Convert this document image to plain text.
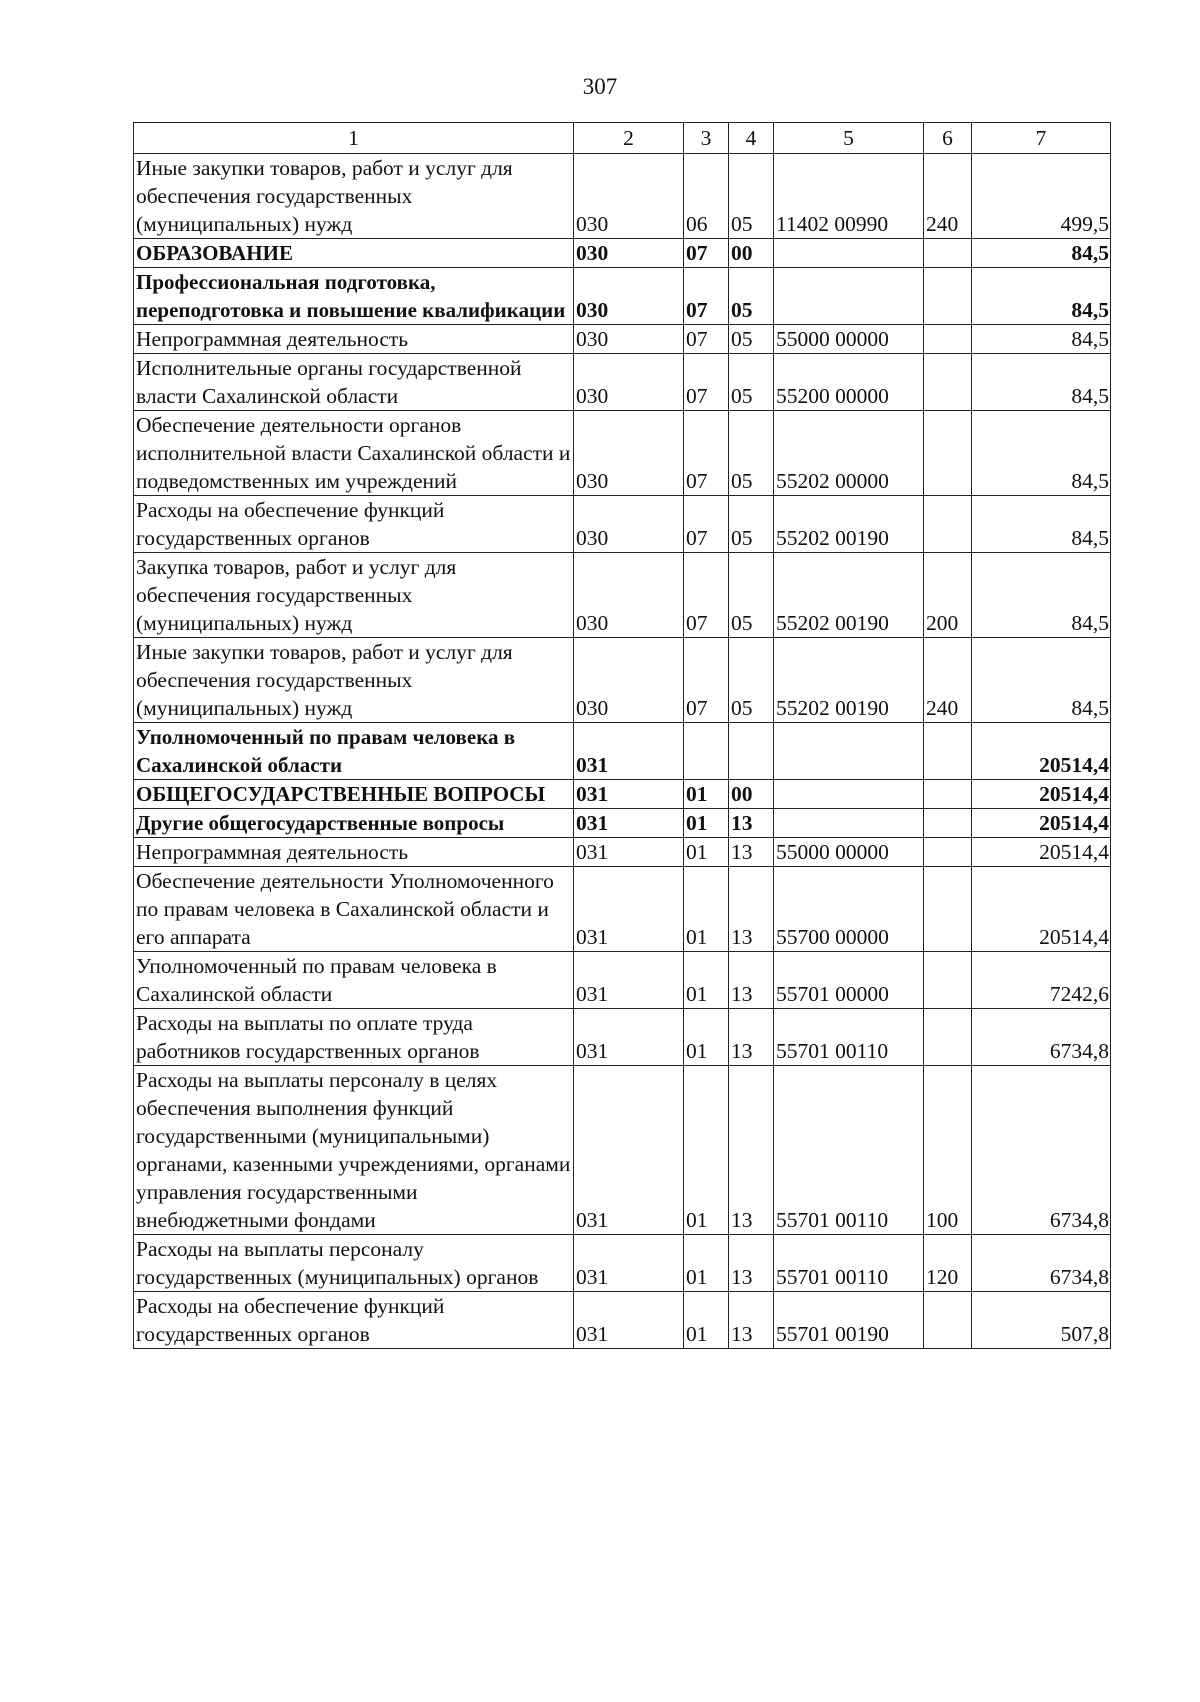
307
1	2	3	4	5	6	7
Иные закупки товаров, работ и услуг для обеспечения государственных (муниципальных) нужд	030	06	05	11402 00990	240	499,5
ОБРАЗОВАНИЕ	030	07	00			84,5
Профессиональная подготовка, переподготовка и повышение квалификации	030	07	05			84,5
Непрограммная деятельность	030	07	05	55000 00000		84,5
Исполнительные органы государственной власти Сахалинской области	030	07	05	55200 00000		84,5
Обеспечение деятельности органов исполнительной власти Сахалинской области и подведомственных им учреждений	030	07	05	55202 00000		84,5
Расходы на обеспечение функций государственных органов	030	07	05	55202 00190		84,5
Закупка товаров, работ и услуг для обеспечения государственных (муниципальных) нужд	030	07	05	55202 00190	200	84,5
Иные закупки товаров, работ и услуг для обеспечения государственных (муниципальных) нужд	030	07	05	55202 00190	240	84,5
Уполномоченный по правам человека в Сахалинской области	031					20514,4
ОБЩЕГОСУДАРСТВЕННЫЕ ВОПРОСЫ	031	01	00			20514,4
Другие общегосударственные вопросы	031	01	13			20514,4
Непрограммная деятельность	031	01	13	55000 00000		20514,4
Обеспечение деятельности Уполномоченного по правам человека в Сахалинской области и его аппарата	031	01	13	55700 00000		20514,4
Уполномоченный по правам человека в Сахалинской области	031	01	13	55701 00000		7242,6
Расходы на выплаты по оплате труда работников государственных органов	031	01	13	55701 00110		6734,8
Расходы на выплаты персоналу в целях обеспечения выполнения функций государственными (муниципальными) органами, казенными учреждениями, органами управления государственными внебюджетными фондами	031	01	13	55701 00110	100	6734,8
Расходы на выплаты персоналу государственных (муниципальных) органов	031	01	13	55701 00110	120	6734,8
Расходы на обеспечение функций государственных органов	031	01	13	55701 00190		507,8
